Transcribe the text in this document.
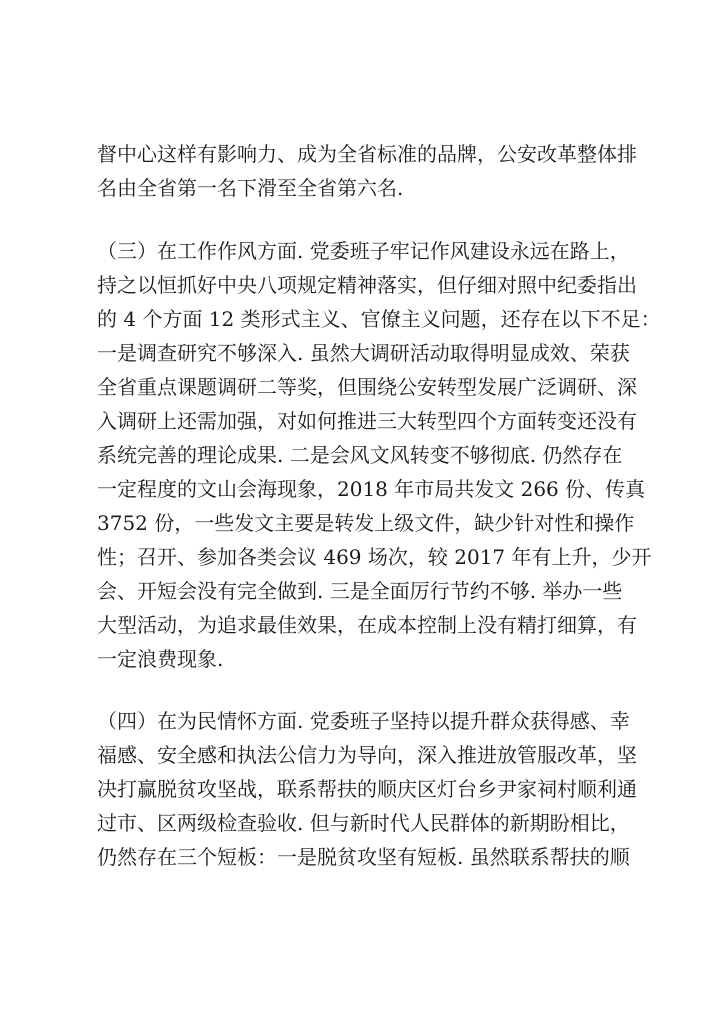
督中心这样有影响力、成为全省标准的品牌，公安改革整体排
名由全省第一名下滑至全省第六名.
（三）在工作作风方面. 党委班子牢记作风建设永远在路上，
持之以恒抓好中央八项规定精神落实，但仔细对照中纪委指出
的 4 个方面 12 类形式主义、官僚主义问题，还存在以下不足：
一是调查研究不够深入. 虽然大调研活动取得明显成效、荣获
全省重点课题调研二等奖，但围绕公安转型发展广泛调研、深
入调研上还需加强，对如何推进三大转型四个方面转变还没有
系统完善的理论成果. 二是会风文风转变不够彻底. 仍然存在
一定程度的文山会海现象，2018 年市局共发文 266 份、传真
3752 份，一些发文主要是转发上级文件，缺少针对性和操作
性；召开、参加各类会议 469 场次，较 2017 年有上升，少开
会、开短会没有完全做到. 三是全面厉行节约不够. 举办一些
大型活动，为追求最佳效果，在成本控制上没有精打细算，有
一定浪费现象.
（四）在为民情怀方面. 党委班子坚持以提升群众获得感、幸
福感、安全感和执法公信力为导向，深入推进放管服改革，坚
决打赢脱贫攻坚战，联系帮扶的顺庆区灯台乡尹家祠村顺利通
过市、区两级检查验收. 但与新时代人民群体的新期盼相比，
仍然存在三个短板：一是脱贫攻坚有短板. 虽然联系帮扶的顺
